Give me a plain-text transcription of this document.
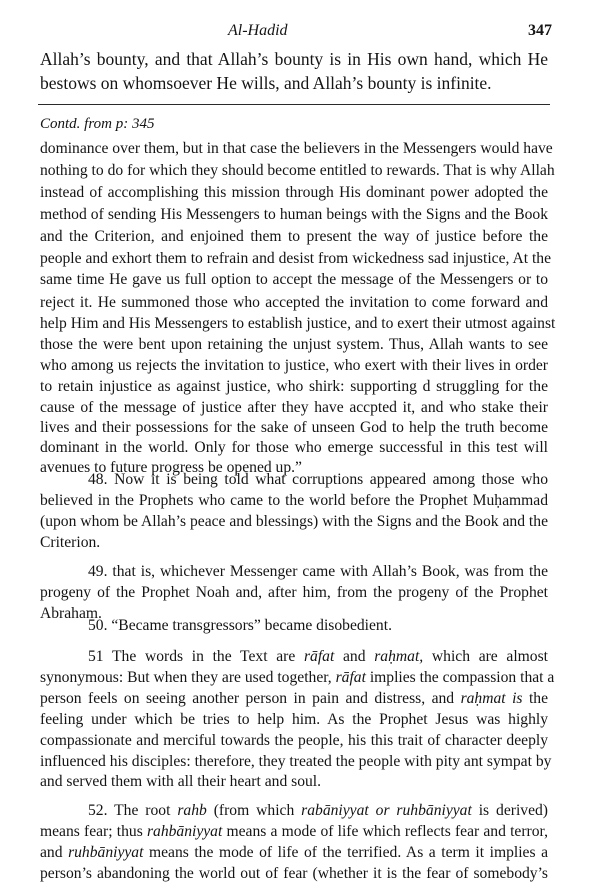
Al-Hadid	347
Allah’s bounty, and that Allah’s bounty is in His own hand, which He
bestows on whomsoever He wills, and Allah’s bounty is infinite.
Contd. from p: 345
dominance over them, but in that case the believers in the Messengers would have
nothing to do for which they should become entitled to rewards. That is why Allah
instead of accomplishing this mission through His dominant power adopted the
method of sending His Messengers to human beings with the Signs and the Book
and the Criterion, and enjoined them to present the way of justice before the
people and exhort them to refrain and desist from wickedness sad injustice, At the
same time He gave us full option to accept the message of the Messengers or to
reject it. He summoned those who accepted the invitation to come forward and
help Him and His Messengers to establish justice, and to exert their utmost against
those the were bent upon retaining the unjust system. Thus, Allah wants to see
who among us rejects the invitation to justice, who exert with their lives in order
to retain injustice as against justice, who shirk: supporting d struggling for the
cause of the message of justice after they have accpted it, and who stake their
lives and their possessions for the sake of unseen God to help the truth become
dominant in the world. Only for those who emerge successful in this test will
avenues to future progress be opened up.”
48. Now it is being told what corruptions appeared among those who
believed in the Prophets who came to the world before the Prophet Muḥammad
(upon whom be Allah’s peace and blessings) with the Signs and the Book and the
Criterion.
49. that is, whichever Messenger came with Allah’s Book, was from the
progeny of the Prophet Noah and, after him, from the progeny of the Prophet
Abraham.
50. “Became transgressors” became disobedient.
51 The words in the Text are rāfat and raḥmat, which are almost
synonymous: But when they are used together, rāfat implies the compassion that a
person feels on seeing another person in pain and distress, and raḥmat is the
feeling under which be tries to help him. As the Prophet Jesus was highly
compassionate and merciful towards the people, his this trait of character deeply
influenced his disciples: therefore, they treated the people with pity ant sympat by
and served them with all their heart and soul.
52. The root rahb (from which rabāniyyat or ruhbāniyyat is derived)
means fear; thus rahbāniyyat means a mode of life which reflects fear and terror,
and ruhbāniyyat means the mode of life of the terrified. As a term it implies a
person’s abandoning the world out of fear (whether it is the fear of somebody’s
